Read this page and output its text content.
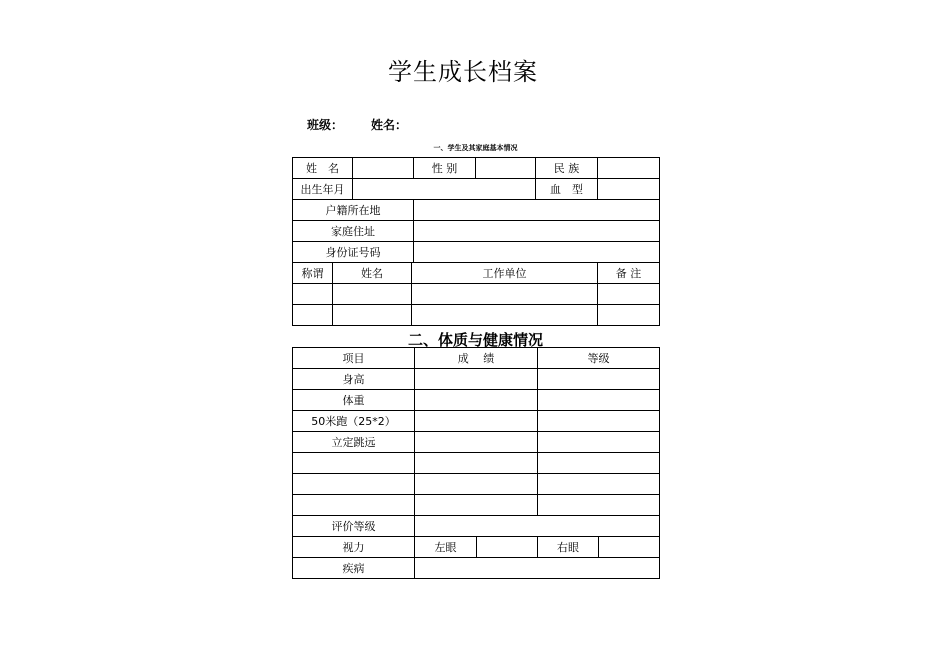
学生成长档案
班级： 姓名：
一、学生及其家庭基本情况
姓　名				性 别		民 族	
出生年月						血　型	
户籍所在地							
家庭住址							
身份证号码							
称谓	姓名		工作单位				备 注

二、体质与健康情况
项目	成　 绩		等级	
身高				
体重				
50米跑（25*2）				
立定跳远				

评价等级				
视力	左眼		右眼	
疾病				
